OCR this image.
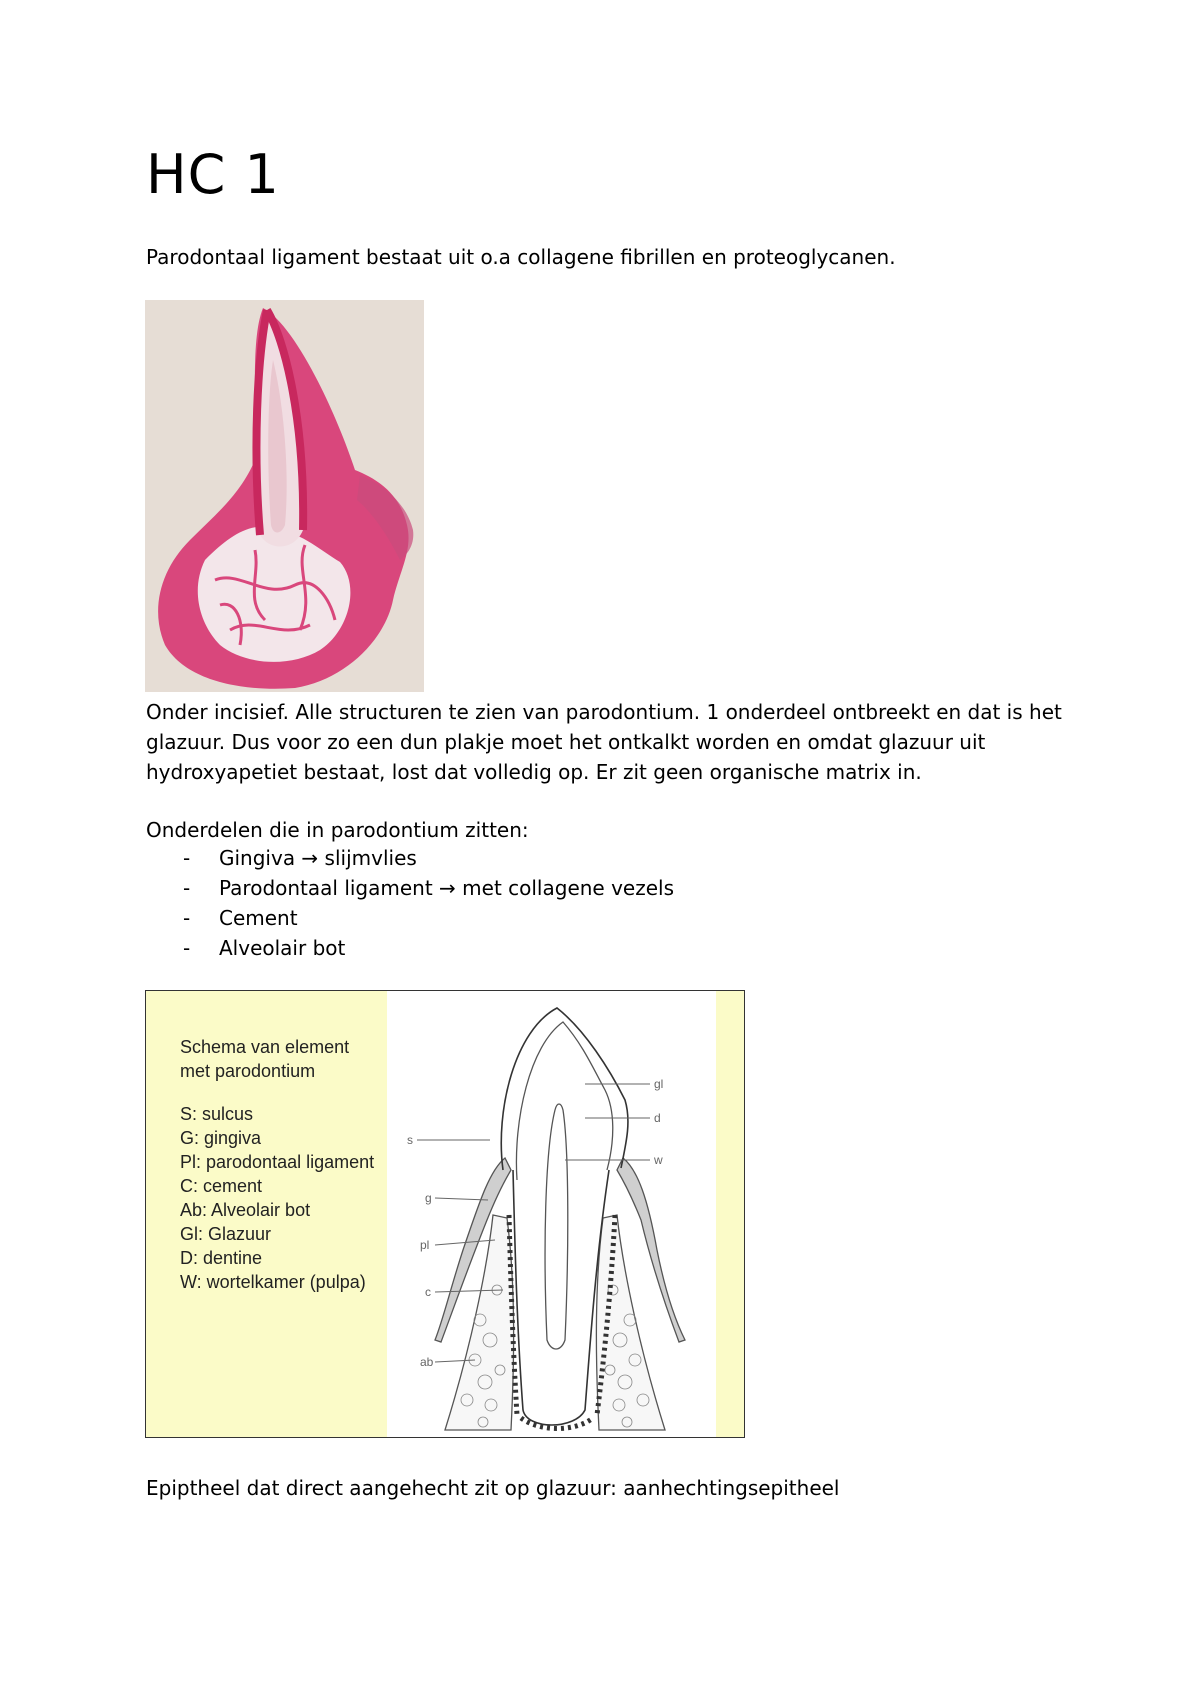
HC 1
Parodontaal ligament bestaat uit o.a collagene fibrillen en proteoglycanen.
Onder incisief. Alle structuren te zien van parodontium. 1 onderdeel ontbreekt en dat is het glazuur. Dus voor zo een dun plakje moet het ontkalkt worden en omdat glazuur uit hydroxyapetiet bestaat, lost dat volledig op. Er zit geen organische matrix in.
Onderdelen die in parodontium zitten:
- Gingiva → slijmvlies
- Parodontaal ligament → met collagene vezels
- Cement
- Alveolair bot
Schema van element
met parodontium
S: sulcus
G: gingiva
Pl: parodontaal ligament
C: cement
Ab: Alveolair bot
Gl: Glazuur
D: dentine
W: wortelkamer (pulpa)
gl
d
w
s
g
pl
c
ab
Epiptheel dat direct aangehecht zit op glazuur: aanhechtingsepitheel
